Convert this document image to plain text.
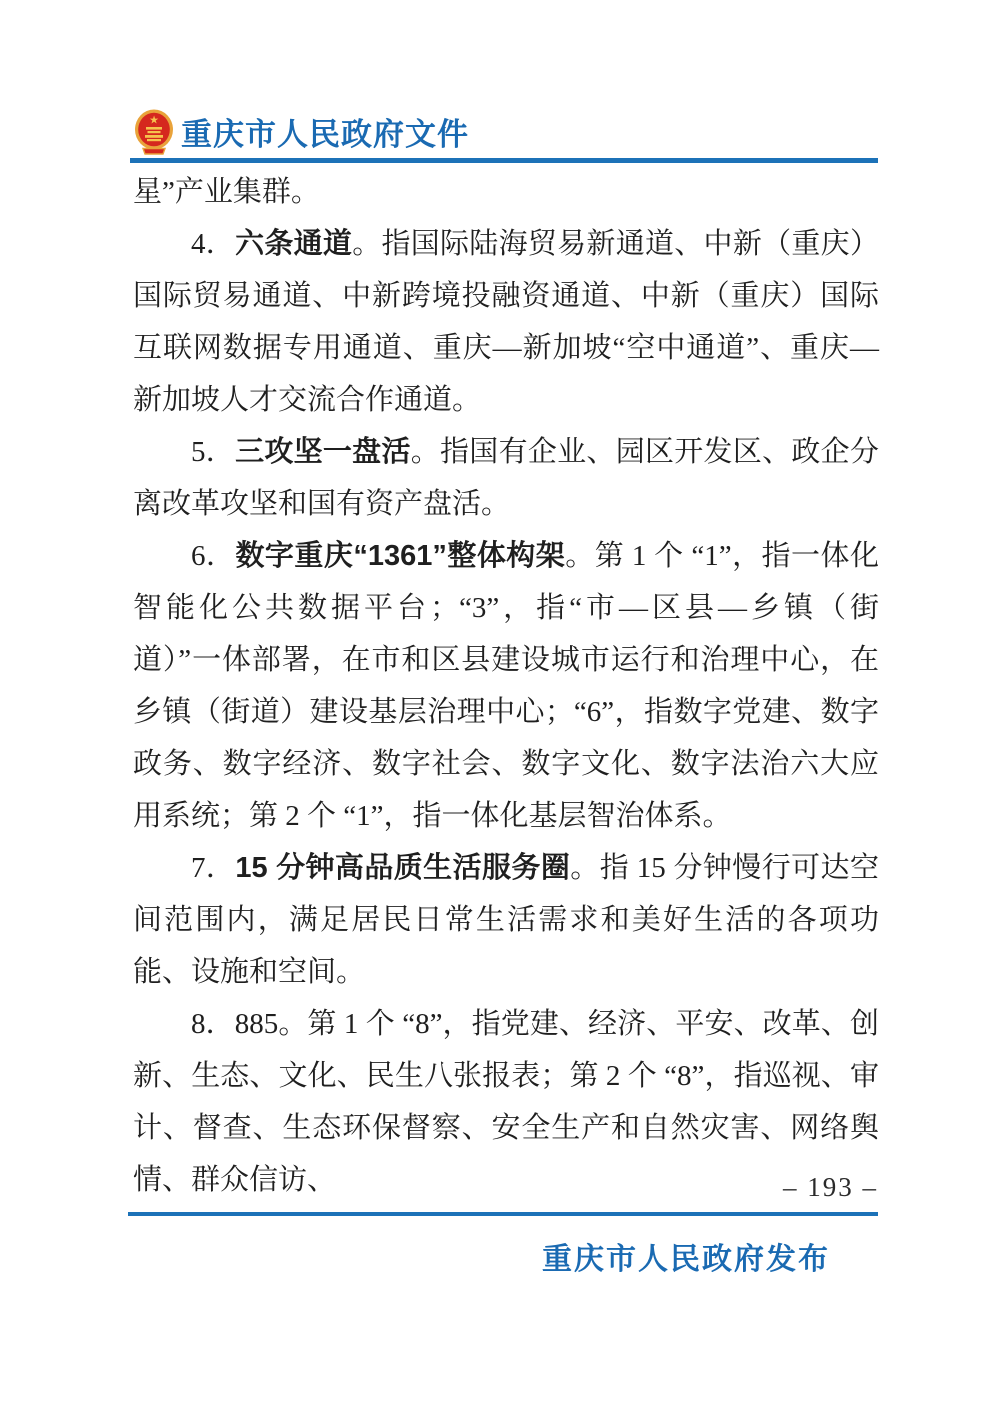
★ 重庆市人民政府文件

星”产业集群。

4．六条通道。指国际陆海贸易新通道、中新（重庆）国际贸易通道、中新跨境投融资通道、中新（重庆）国际互联网数据专用通道、重庆—新加坡“空中通道”、重庆—新加坡人才交流合作通道。

5．三攻坚一盘活。指国有企业、园区开发区、政企分离改革攻坚和国有资产盘活。

6．数字重庆“1361”整体构架。第 1 个 “1”，指一体化智能化公共数据平台；“3”，指“市—区县—乡镇（街道）”一体部署，在市和区县建设城市运行和治理中心，在乡镇（街道）建设基层治理中心；“6”，指数字党建、数字政务、数字经济、数字社会、数字文化、数字法治六大应用系统；第 2 个 “1”，指一体化基层智治体系。

7．15 分钟高品质生活服务圈。指 15 分钟慢行可达空间范围内，满足居民日常生活需求和美好生活的各项功能、设施和空间。

8．885。第 1 个 “8”，指党建、经济、平安、改革、创新、生态、文化、民生八张报表；第 2 个 “8”，指巡视、审计、督查、生态环保督察、安全生产和自然灾害、网络舆情、群众信访、	– 193 –
重庆市人民政府发布
